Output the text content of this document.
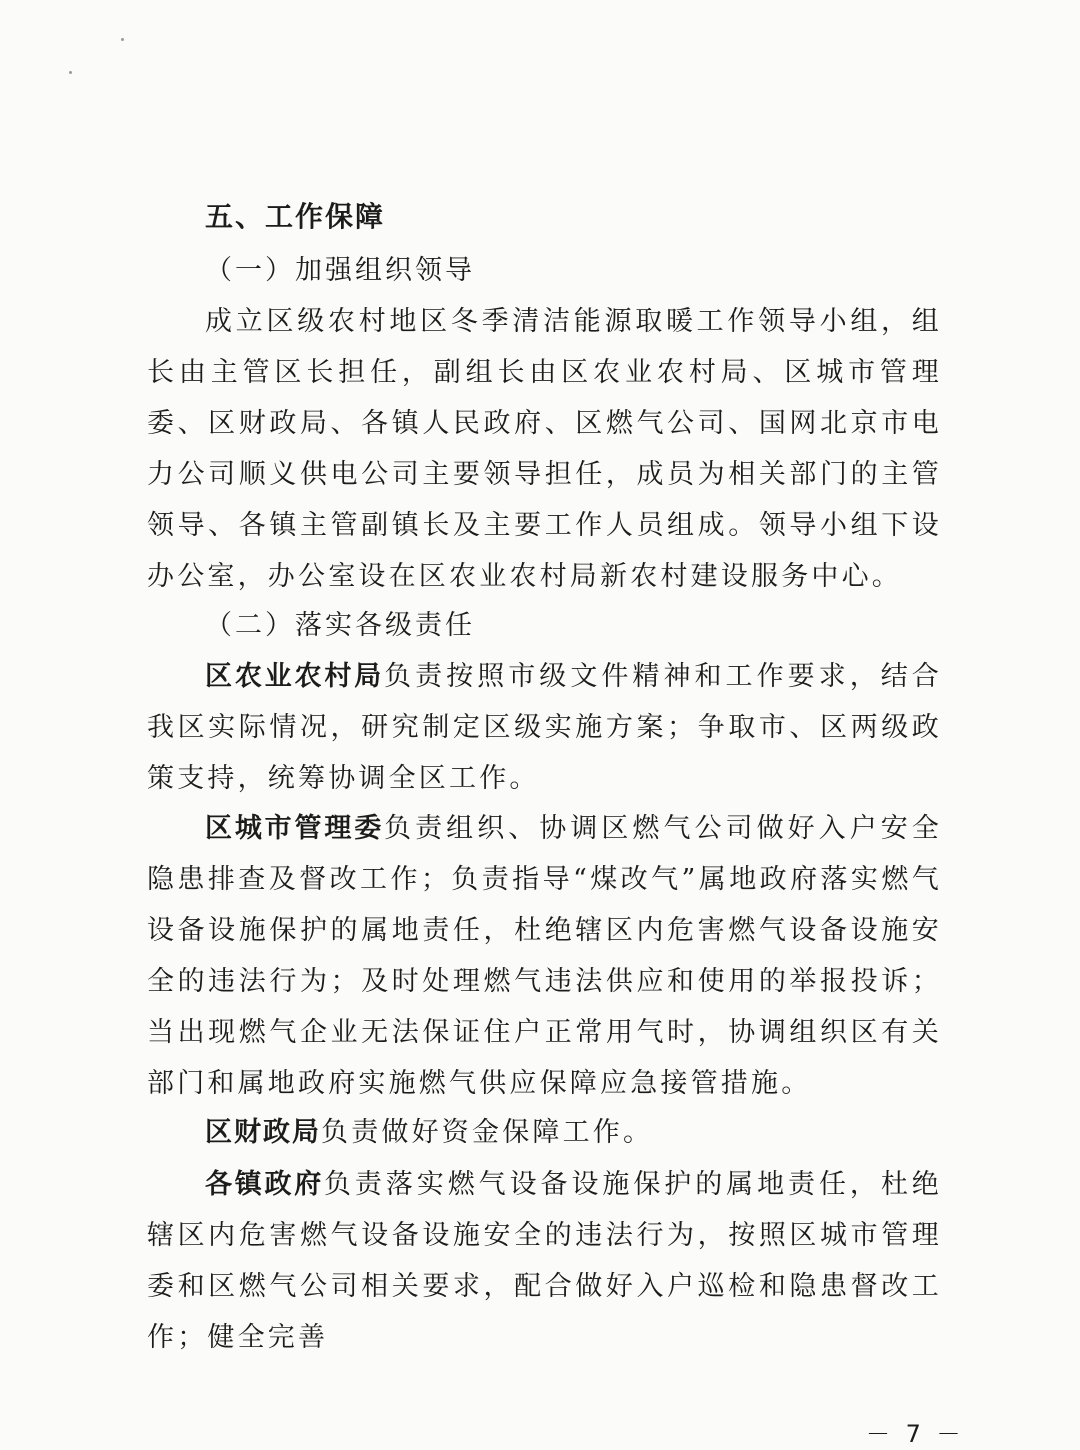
五、工作保障
（一）加强组织领导

成立区级农村地区冬季清洁能源取暖工作领导小组，组长由主管区长担任，副组长由区农业农村局、区城市管理委、区财政局、各镇人民政府、区燃气公司、国网北京市电力公司顺义供电公司主要领导担任，成员为相关部门的主管领导、各镇主管副镇长及主要工作人员组成。领导小组下设办公室，办公室设在区农业农村局新农村建设服务中心。

（二）落实各级责任

区农业农村局负责按照市级文件精神和工作要求，结合我区实际情况，研究制定区级实施方案；争取市、区两级政策支持，统筹协调全区工作。

区城市管理委负责组织、协调区燃气公司做好入户安全隐患排查及督改工作；负责指导“煤改气”属地政府落实燃气设备设施保护的属地责任，杜绝辖区内危害燃气设备设施安全的违法行为；及时处理燃气违法供应和使用的举报投诉；当出现燃气企业无法保证住户正常用气时，协调组织区有关部门和属地政府实施燃气供应保障应急接管措施。

区财政局负责做好资金保障工作。

各镇政府负责落实燃气设备设施保护的属地责任，杜绝辖区内危害燃气设备设施安全的违法行为，按照区城市管理委和区燃气公司相关要求，配合做好入户巡检和隐患督改工作；健全完善

－ 7 －
